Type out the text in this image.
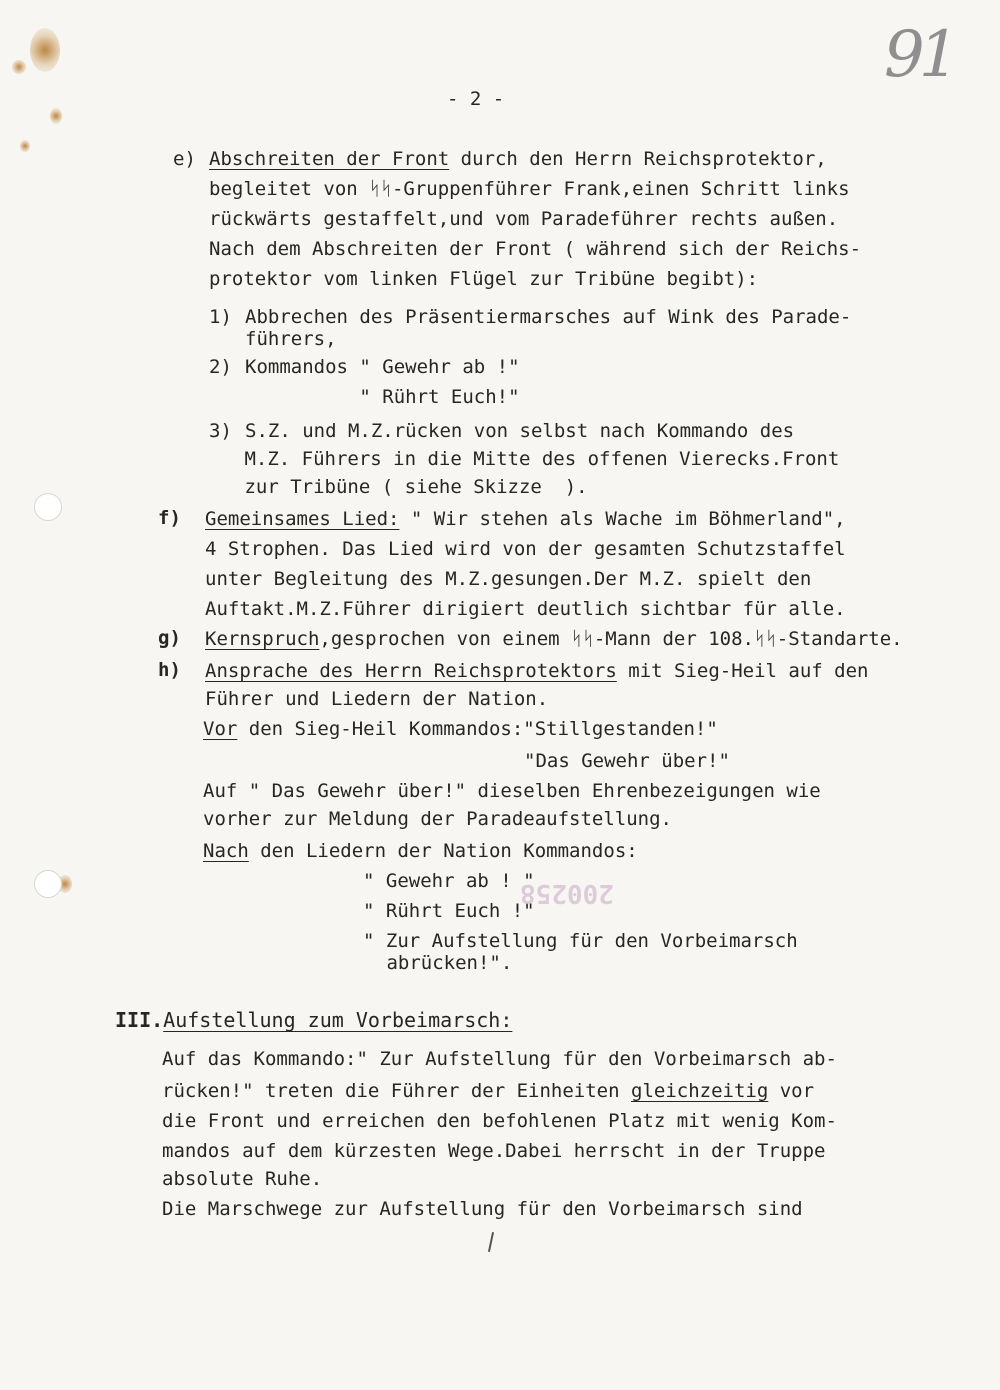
91
- 2 -
e) Abschreiten der Front durch den Herrn Reichsprotektor,
begleitet von ᛋᛋ-Gruppenführer Frank,einen Schritt links
rückwärts gestaffelt,und vom Paradeführer rechts außen.
Nach dem Abschreiten der Front ( während sich der Reichs-
protektor vom linken Flügel zur Tribüne begibt):
1) Abbrechen des Präsentiermarsches auf Wink des Parade-
führers,
2) Kommandos " Gewehr ab !"
" Rührt Euch!"
3) S.Z. und M.Z.rücken von selbst nach Kommando des
M.Z. Führers in die Mitte des offenen Vierecks.Front
zur Tribüne ( siehe Skizze  ).
f) Gemeinsames Lied: " Wir stehen als Wache im Böhmerland",
4 Strophen. Das Lied wird von der gesamten Schutzstaffel
unter Begleitung des M.Z.gesungen.Der M.Z. spielt den
Auftakt.M.Z.Führer dirigiert deutlich sichtbar für alle.
g) Kernspruch,gesprochen von einem ᛋᛋ-Mann der 108.ᛋᛋ-Standarte.
h) Ansprache des Herrn Reichsprotektors mit Sieg-Heil auf den
Führer und Liedern der Nation.
Vor den Sieg-Heil Kommandos:"Stillgestanden!"
"Das Gewehr über!"
Auf " Das Gewehr über!" dieselben Ehrenbezeigungen wie
vorher zur Meldung der Paradeaufstellung.
Nach den Liedern der Nation Kommandos:
" Gewehr ab ! "
" Rührt Euch !"
" Zur Aufstellung für den Vorbeimarsch
abrücken!".
200258
III.Aufstellung zum Vorbeimarsch:
Auf das Kommando:" Zur Aufstellung für den Vorbeimarsch ab-
rücken!" treten die Führer der Einheiten gleichzeitig vor
die Front und erreichen den befohlenen Platz mit wenig Kom-
mandos auf dem kürzesten Wege.Dabei herrscht in der Truppe
absolute Ruhe.
Die Marschwege zur Aufstellung für den Vorbeimarsch sind
